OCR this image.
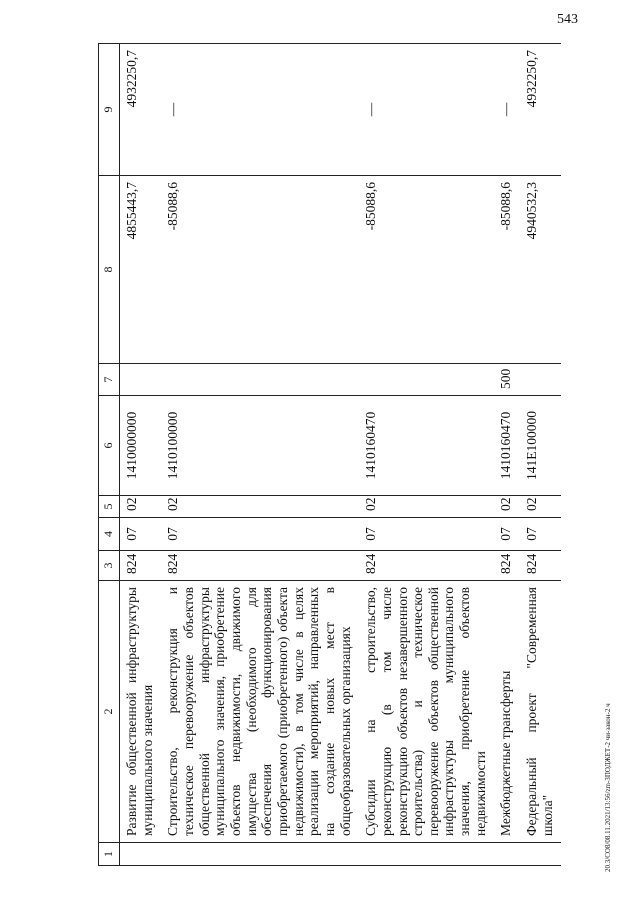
543
20.3/CO8/08.11.2021/13:56/zm-ЗПОДЖЕТ-2 чи-закон-2 ч
1	2	3	4	5	6	7	8	9
	Развитие общественной инфраструктуры муниципального значения	824	07	02	1410000000		4855443,7	4932250,7
	Строительство, реконструкция и техническое перевооружение объектов общественной инфраструктуры муниципального значения, приобретение объектов недвижимости, движимого имущества (необходимого для обеспечения функционирования приобретаемого (приобретенного) объекта недвижимости), в том числе в целях реализации мероприятий, направленных на создание новых мест в общеобразовательных организациях	824	07	02	1410100000		-85088,6	—
	Субсидии на строительство, реконструкцию (в том числе реконструкцию объектов незавершенного строительства) и техническое перевооружение объектов общественной инфраструктуры муниципального значения, приобретение объектов недвижимости	824	07	02	1410160470		-85088,6	—
	Межбюджетные трансферты	824	07	02	1410160470	500	-85088,6	—
	Федеральный проект "Современная школа"	824	07	02	141E100000		4940532,3	4932250,7
